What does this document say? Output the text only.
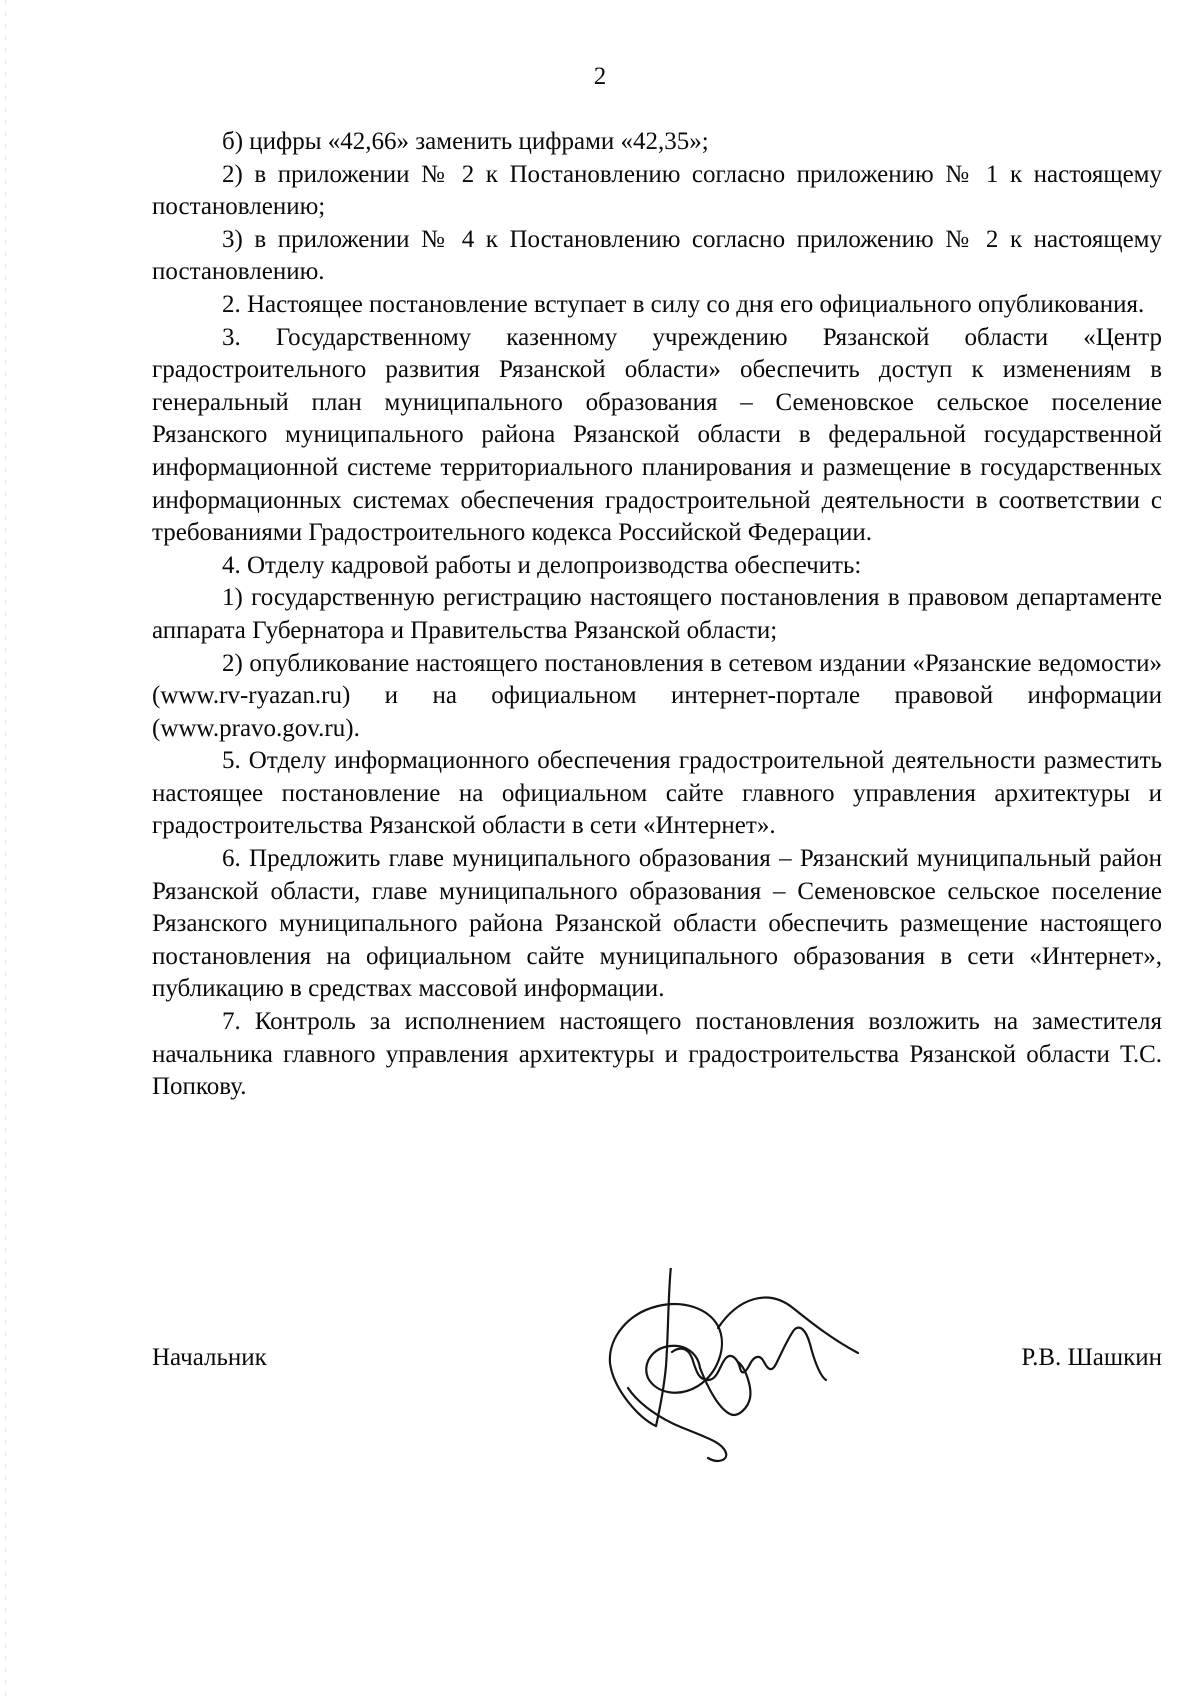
2

б) цифры «42,66» заменить цифрами «42,35»;

2) в приложении № 2 к Постановлению согласно приложению № 1 к настоящему постановлению;

3) в приложении № 4 к Постановлению согласно приложению № 2 к настоящему постановлению.

2. Настоящее постановление вступает в силу со дня его официального опубликования.

3. Государственному казенному учреждению Рязанской области «Центр градостроительного развития Рязанской области» обеспечить доступ к изменениям в генеральный план муниципального образования – Семеновское сельское поселение Рязанского муниципального района Рязанской области в федеральной государственной информационной системе территориального планирования и размещение в государственных информационных системах обеспечения градостроительной деятельности в соответствии с требованиями Градостроительного кодекса Российской Федерации.

4. Отделу кадровой работы и делопроизводства обеспечить:

1) государственную регистрацию настоящего постановления в правовом департаменте аппарата Губернатора и Правительства Рязанской области;

2) опубликование настоящего постановления в сетевом издании «Рязанские ведомости» (www.rv-ryazan.ru) и на официальном интернет-портале правовой информации (www.pravo.gov.ru).

5. Отделу информационного обеспечения градостроительной деятельности разместить настоящее постановление на официальном сайте главного управления архитектуры и градостроительства Рязанской области в сети «Интернет».

6. Предложить главе муниципального образования – Рязанский муниципальный район Рязанской области, главе муниципального образования – Семеновское сельское поселение Рязанского муниципального района Рязанской области обеспечить размещение настоящего постановления на официальном сайте муниципального образования в сети «Интернет», публикацию в средствах массовой информации.

7. Контроль за исполнением настоящего постановления возложить на заместителя начальника главного управления архитектуры и градостроительства Рязанской области Т.С. Попкову.

Начальник	Р.В. Шашкин
